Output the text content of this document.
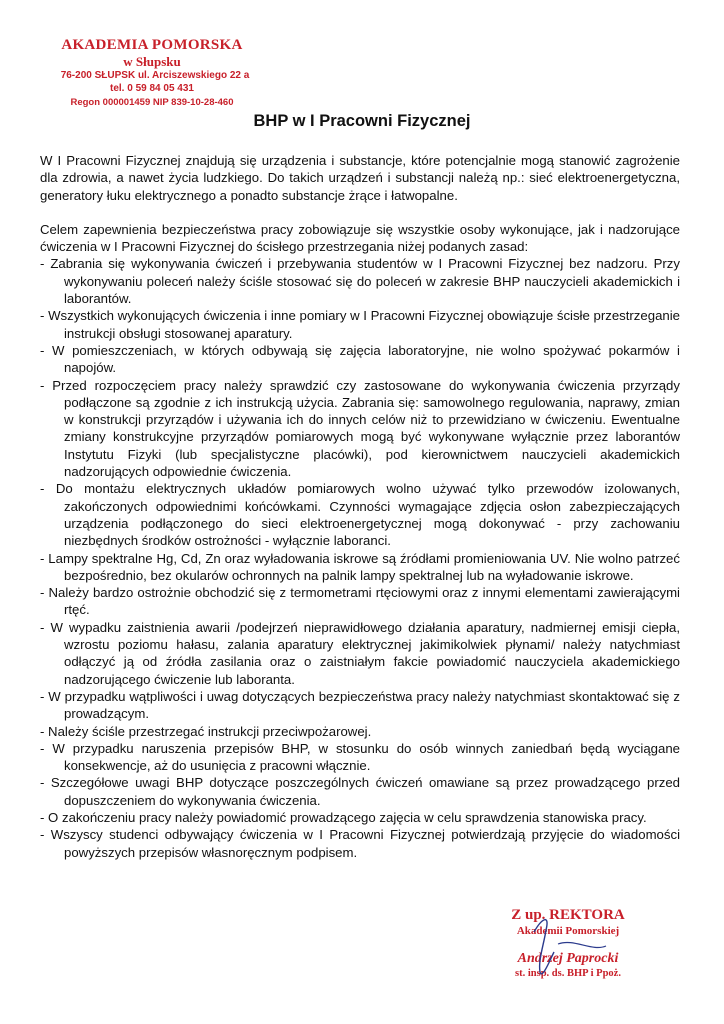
AKADEMIA POMORSKA
w Słupsku
76-200 SŁUPSK ul. Arciszewskiego 22 a
tel. 0 59 84 05 431
Regon 000001459 NIP 839-10-28-460
BHP w I Pracowni Fizycznej

W I Pracowni Fizycznej znajdują się urządzenia i substancje, które potencjalnie mogą stanowić zagrożenie dla zdrowia, a nawet życia ludzkiego. Do takich urządzeń i substancji należą np.: sieć elektroenergetyczna, generatory łuku elektrycznego a ponadto substancje żrące i łatwopalne.

Celem zapewnienia bezpieczeństwa pracy zobowiązuje się wszystkie osoby wykonujące, jak i nadzorujące ćwiczenia w I Pracowni Fizycznej do ścisłego przestrzegania niżej podanych zasad:

- Zabrania się wykonywania ćwiczeń i przebywania studentów w I Pracowni Fizycznej bez nadzoru. Przy wykonywaniu poleceń należy ściśle stosować się do poleceń w zakresie BHP nauczycieli akademickich i laborantów.
- Wszystkich wykonujących ćwiczenia i inne pomiary w I Pracowni Fizycznej obowiązuje ścisłe przestrzeganie instrukcji obsługi stosowanej aparatury.
- W pomieszczeniach, w których odbywają się zajęcia laboratoryjne, nie wolno spożywać pokarmów i napojów.
- Przed rozpoczęciem pracy należy sprawdzić czy zastosowane do wykonywania ćwiczenia przyrządy podłączone są zgodnie z ich instrukcją użycia. Zabrania się: samowolnego regulowania, naprawy, zmian w konstrukcji przyrządów i używania ich do innych celów niż to przewidziano w ćwiczeniu. Ewentualne zmiany konstrukcyjne przyrządów pomiarowych mogą być wykonywane wyłącznie przez laborantów Instytutu Fizyki (lub specjalistyczne placówki), pod kierownictwem nauczycieli akademickich nadzorujących odpowiednie ćwiczenia.
- Do montażu elektrycznych układów pomiarowych wolno używać tylko przewodów izolowanych, zakończonych odpowiednimi końcówkami. Czynności wymagające zdjęcia osłon zabezpieczających urządzenia podłączonego do sieci elektroenergetycznej mogą dokonywać - przy zachowaniu niezbędnych środków ostrożności - wyłącznie laboranci.
- Lampy spektralne Hg, Cd, Zn oraz wyładowania iskrowe są źródłami promieniowania UV. Nie wolno patrzeć bezpośrednio, bez okularów ochronnych na palnik lampy spektralnej lub na wyładowanie iskrowe.
- Należy bardzo ostrożnie obchodzić się z termometrami rtęciowymi oraz z innymi elementami zawierającymi rtęć.
- W wypadku zaistnienia awarii /podejrzeń nieprawidłowego działania aparatury, nadmiernej emisji ciepła, wzrostu poziomu hałasu, zalania aparatury elektrycznej jakimikolwiek płynami/ należy natychmiast odłączyć ją od źródła zasilania oraz o zaistniałym fakcie powiadomić nauczyciela akademickiego nadzorującego ćwiczenie lub laboranta.
- W przypadku wątpliwości i uwag dotyczących bezpieczeństwa pracy należy natychmiast skontaktować się z prowadzącym.
- Należy ściśle przestrzegać instrukcji przeciwpożarowej.
- W przypadku naruszenia przepisów BHP, w stosunku do osób winnych zaniedbań będą wyciągane konsekwencje, aż do usunięcia z pracowni włącznie.
- Szczegółowe uwagi BHP dotyczące poszczególnych ćwiczeń omawiane są przez prowadzącego przed dopuszczeniem do wykonywania ćwiczenia.
- O zakończeniu pracy należy powiadomić prowadzącego zajęcia w celu sprawdzenia stanowiska pracy.
- Wszyscy studenci odbywający ćwiczenia w I Pracowni Fizycznej potwierdzają przyjęcie do wiadomości powyższych przepisów własnoręcznym podpisem.
Z up. REKTORA
Akademii Pomorskiej
Andrzej Paprocki
st. insp. ds. BHP i Ppoż.
